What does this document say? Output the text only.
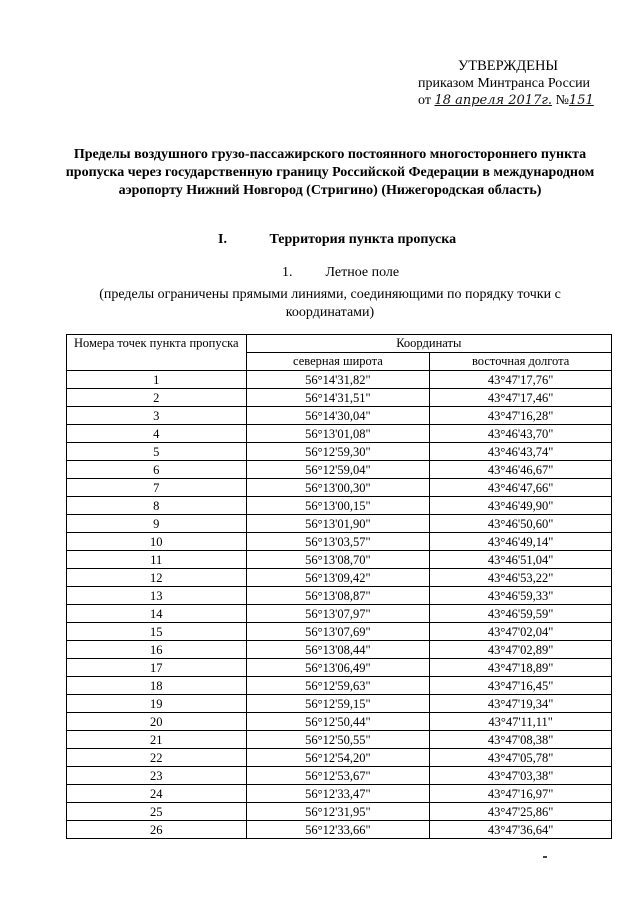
УТВЕРЖДЕНЫ
приказом Минтранса России
от 18 апреля 2017г. №151
Пределы воздушного грузо-пассажирского постоянного многостороннего пункта пропуска через государственную границу Российской Федерации в международном аэропорту Нижний Новгород (Стригино) (Нижегородская область)
I.	Территория пункта пропуска
1. Летное поле
(пределы ограничены прямыми линиями, соединяющими по порядку точки с координатами)
Номера точек пункта пропуска	Координаты	
	северная широта	восточная долгота
1	56°14'31,82"	43°47'17,76"
2	56°14'31,51"	43°47'17,46"
3	56°14'30,04"	43°47'16,28"
4	56°13'01,08"	43°46'43,70"
5	56°12'59,30"	43°46'43,74"
6	56°12'59,04"	43°46'46,67"
7	56°13'00,30"	43°46'47,66"
8	56°13'00,15"	43°46'49,90"
9	56°13'01,90"	43°46'50,60"
10	56°13'03,57"	43°46'49,14"
11	56°13'08,70"	43°46'51,04"
12	56°13'09,42"	43°46'53,22"
13	56°13'08,87"	43°46'59,33"
14	56°13'07,97"	43°46'59,59"
15	56°13'07,69"	43°47'02,04"
16	56°13'08,44"	43°47'02,89"
17	56°13'06,49"	43°47'18,89"
18	56°12'59,63"	43°47'16,45"
19	56°12'59,15"	43°47'19,34"
20	56°12'50,44"	43°47'11,11"
21	56°12'50,55"	43°47'08,38"
22	56°12'54,20"	43°47'05,78"
23	56°12'53,67"	43°47'03,38"
24	56°12'33,47"	43°47'16,97"
25	56°12'31,95"	43°47'25,86"
26	56°12'33,66"	43°47'36,64"
